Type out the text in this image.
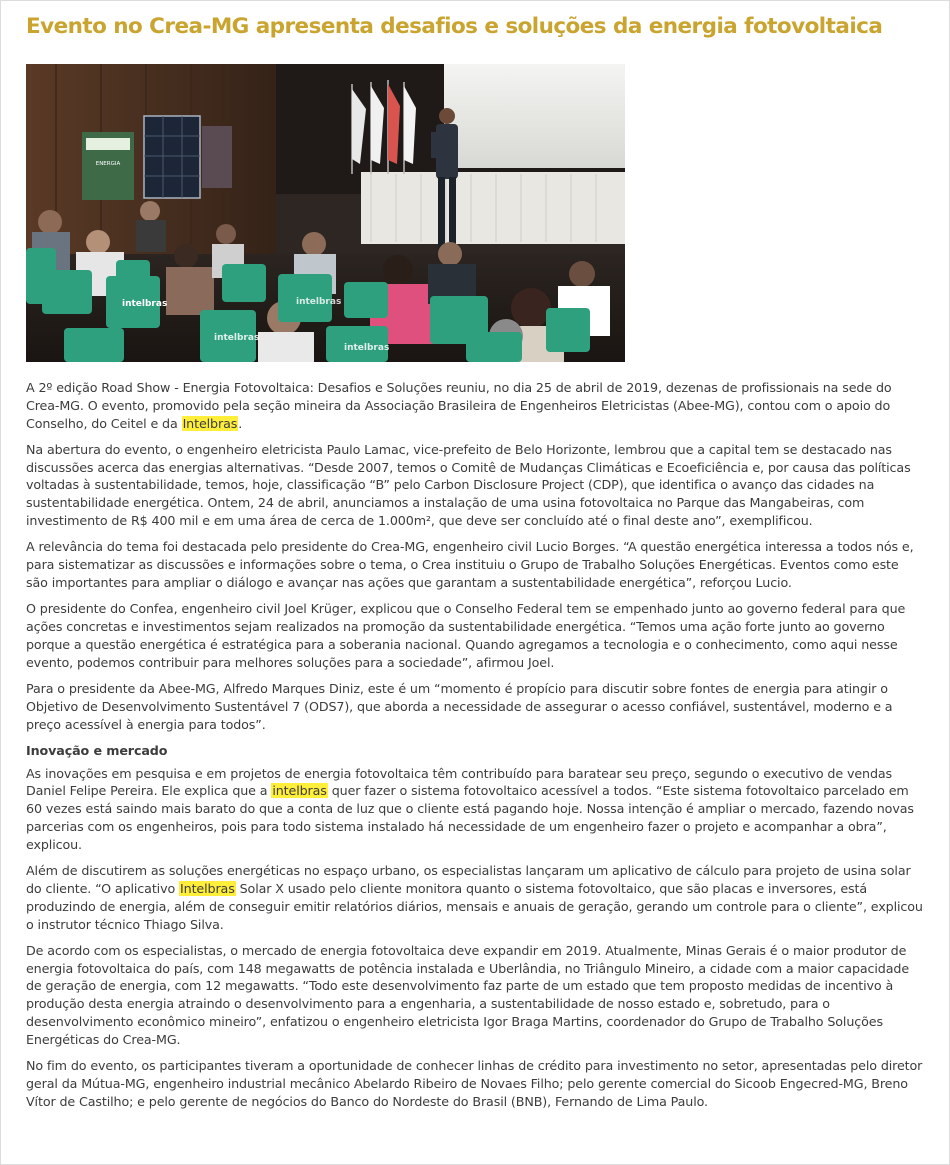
Evento no Crea-MG apresenta desafios e soluções da energia fotovoltaica
ENERGIA
intelbras	intelbras
intelbras
intelbras

A 2º edição Road Show - Energia Fotovoltaica: Desafios e Soluções reuniu, no dia 25 de abril de 2019, dezenas de profissionais na sede do Crea-MG. O evento, promovido pela seção mineira da Associação Brasileira de Engenheiros Eletricistas (Abee-MG), contou com o apoio do Conselho, do Ceitel e da Intelbras.

Na abertura do evento, o engenheiro eletricista Paulo Lamac, vice-prefeito de Belo Horizonte, lembrou que a capital tem se destacado nas discussões acerca das energias alternativas. “Desde 2007, temos o Comitê de Mudanças Climáticas e Ecoeficiência e, por causa das políticas voltadas à sustentabilidade, temos, hoje, classificação “B” pelo Carbon Disclosure Project (CDP), que identifica o avanço das cidades na sustentabilidade energética. Ontem, 24 de abril, anunciamos a instalação de uma usina fotovoltaica no Parque das Mangabeiras, com investimento de R$ 400 mil e em uma área de cerca de 1.000m², que deve ser concluído até o final deste ano”, exemplificou.

A relevância do tema foi destacada pelo presidente do Crea-MG, engenheiro civil Lucio Borges. “A questão energética interessa a todos nós e, para sistematizar as discussões e informações sobre o tema, o Crea instituiu o Grupo de Trabalho Soluções Energéticas. Eventos como este são importantes para ampliar o diálogo e avançar nas ações que garantam a sustentabilidade energética”, reforçou Lucio.

O presidente do Confea, engenheiro civil Joel Krüger, explicou que o Conselho Federal tem se empenhado junto ao governo federal para que ações concretas e investimentos sejam realizados na promoção da sustentabilidade energética. “Temos uma ação forte junto ao governo porque a questão energética é estratégica para a soberania nacional. Quando agregamos a tecnologia e o conhecimento, como aqui nesse evento, podemos contribuir para melhores soluções para a sociedade”, afirmou Joel.

Para o presidente da Abee-MG, Alfredo Marques Diniz, este é um “momento é propício para discutir sobre fontes de energia para atingir o Objetivo de Desenvolvimento Sustentável 7 (ODS7), que aborda a necessidade de assegurar o acesso confiável, sustentável, moderno e a preço acessível à energia para todos”.

Inovação e mercado

As inovações em pesquisa e em projetos de energia fotovoltaica têm contribuído para baratear seu preço, segundo o executivo de vendas Daniel Felipe Pereira. Ele explica que a intelbras quer fazer o sistema fotovoltaico acessível a todos. “Este sistema fotovoltaico parcelado em 60 vezes está saindo mais barato do que a conta de luz que o cliente está pagando hoje. Nossa intenção é ampliar o mercado, fazendo novas parcerias com os engenheiros, pois para todo sistema instalado há necessidade de um engenheiro fazer o projeto e acompanhar a obra”, explicou.

Além de discutirem as soluções energéticas no espaço urbano, os especialistas lançaram um aplicativo de cálculo para projeto de usina solar do cliente. “O aplicativo Intelbras Solar X usado pelo cliente monitora quanto o sistema fotovoltaico, que são placas e inversores, está produzindo de energia, além de conseguir emitir relatórios diários, mensais e anuais de geração, gerando um controle para o cliente”, explicou o instrutor técnico Thiago Silva.

De acordo com os especialistas, o mercado de energia fotovoltaica deve expandir em 2019. Atualmente, Minas Gerais é o maior produtor de energia fotovoltaica do país, com 148 megawatts de potência instalada e Uberlândia, no Triângulo Mineiro, a cidade com a maior capacidade de geração de energia, com 12 megawatts. “Todo este desenvolvimento faz parte de um estado que tem proposto medidas de incentivo à produção desta energia atraindo o desenvolvimento para a engenharia, a sustentabilidade de nosso estado e, sobretudo, para o desenvolvimento econômico mineiro”, enfatizou o engenheiro eletricista Igor Braga Martins, coordenador do Grupo de Trabalho Soluções Energéticas do Crea-MG.

No fim do evento, os participantes tiveram a oportunidade de conhecer linhas de crédito para investimento no setor, apresentadas pelo diretor geral da Mútua-MG, engenheiro industrial mecânico Abelardo Ribeiro de Novaes Filho; pelo gerente comercial do Sicoob Engecred-MG, Breno Vítor de Castilho; e pelo gerente de negócios do Banco do Nordeste do Brasil (BNB), Fernando de Lima Paulo.
